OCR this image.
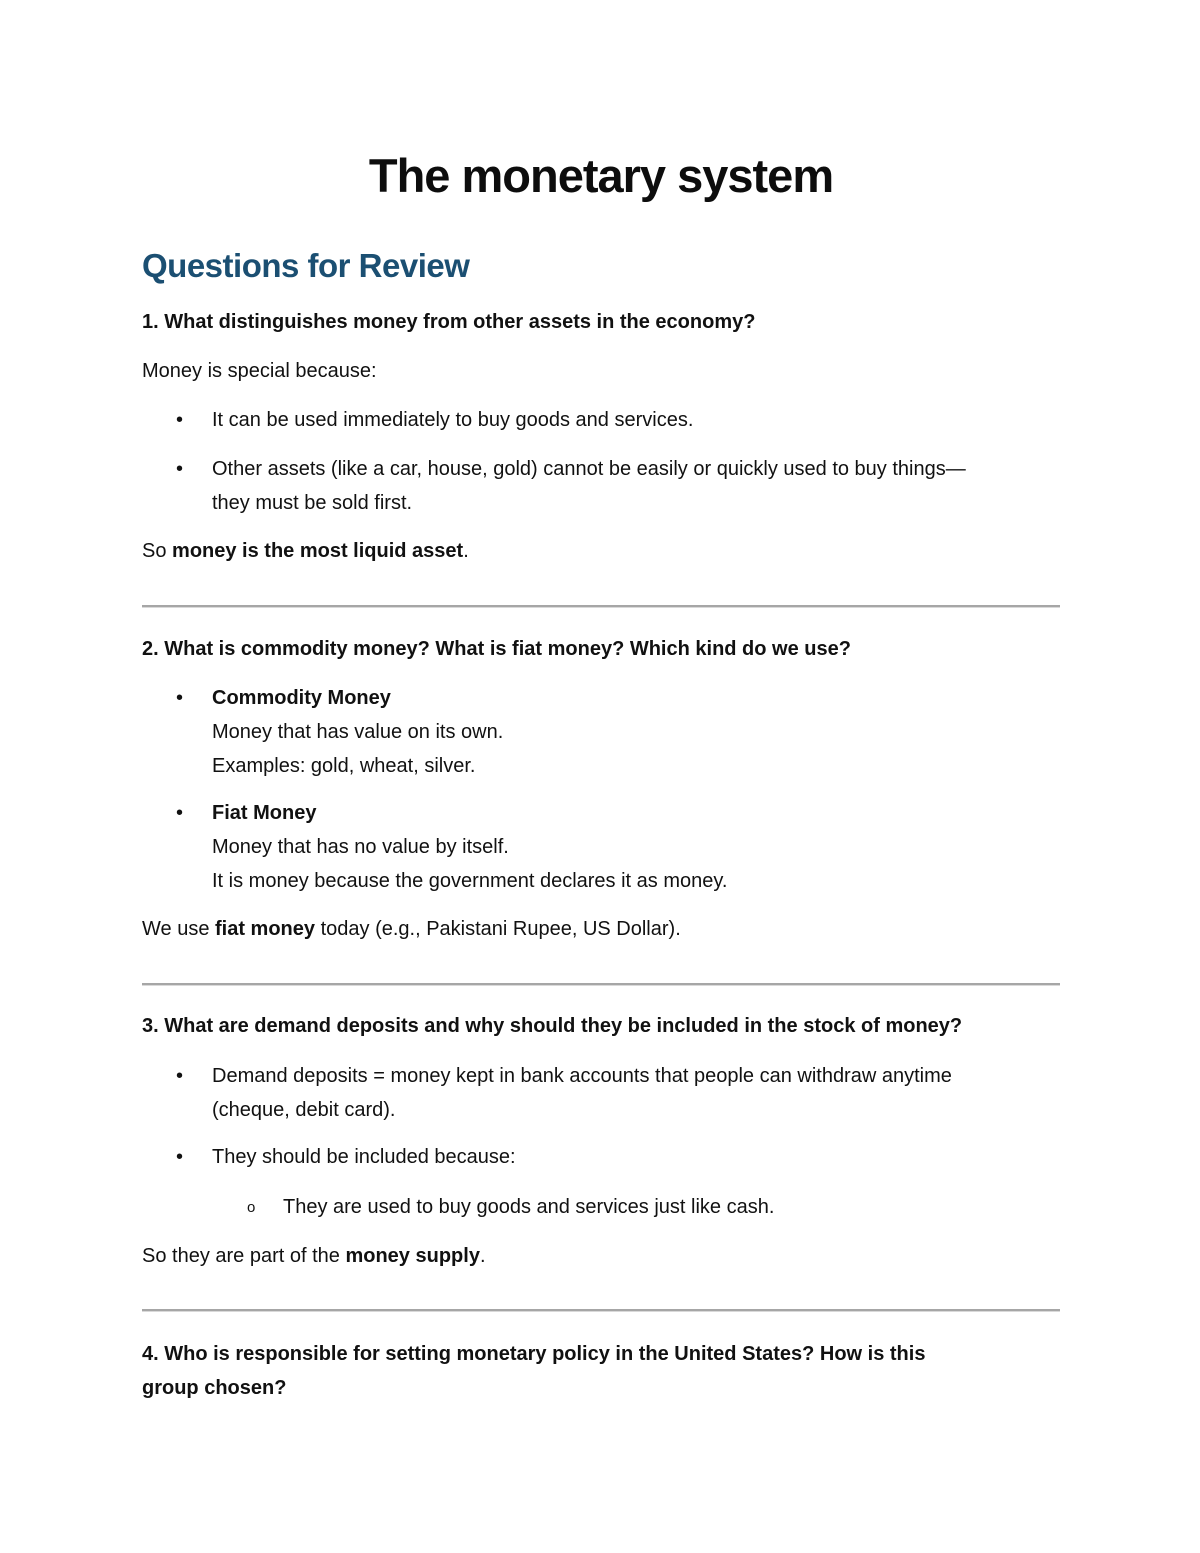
The monetary system
Questions for Review
1. What distinguishes money from other assets in the economy?
Money is special because:
• It can be used immediately to buy goods and services.
• Other assets (like a car, house, gold) cannot be easily or quickly used to buy things—
they must be sold first.
So money is the most liquid asset.
2. What is commodity money? What is fiat money? Which kind do we use?
• Commodity Money
Money that has value on its own.
Examples: gold, wheat, silver.
• Fiat Money
Money that has no value by itself.
It is money because the government declares it as money.
We use fiat money today (e.g., Pakistani Rupee, US Dollar).
3. What are demand deposits and why should they be included in the stock of money?
• Demand deposits = money kept in bank accounts that people can withdraw anytime
(cheque, debit card).
• They should be included because:
o They are used to buy goods and services just like cash.
So they are part of the money supply.
4. Who is responsible for setting monetary policy in the United States? How is this
group chosen?
